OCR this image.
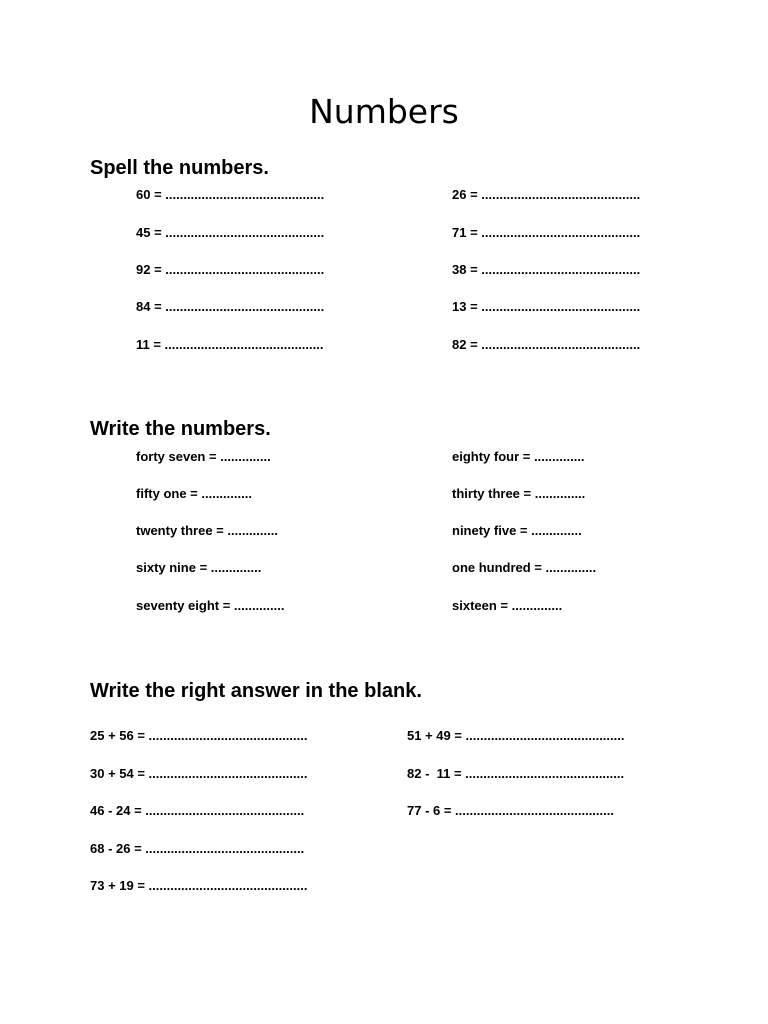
Numbers
Spell the numbers.
60 = ............................................
45 = ............................................
92 = ............................................
84 = ............................................
11 = ............................................
26 = ............................................
71 = ............................................
38 = ............................................
13 = ............................................
82 = ............................................
Write the numbers.
forty seven = ..............
fifty one = ..............
twenty three = ..............
sixty nine = ..............
seventy eight = ..............
eighty four = ..............
thirty three = ..............
ninety five = ..............
one hundred = ..............
sixteen = ..............
Write the right answer in the blank.
25 + 56 = ............................................
30 + 54 = ............................................
46 - 24 = ............................................
68 - 26 = ............................................
73 + 19 = ............................................
51 + 49 = ............................................
82 -  11 = ............................................
77 - 6 = ............................................
